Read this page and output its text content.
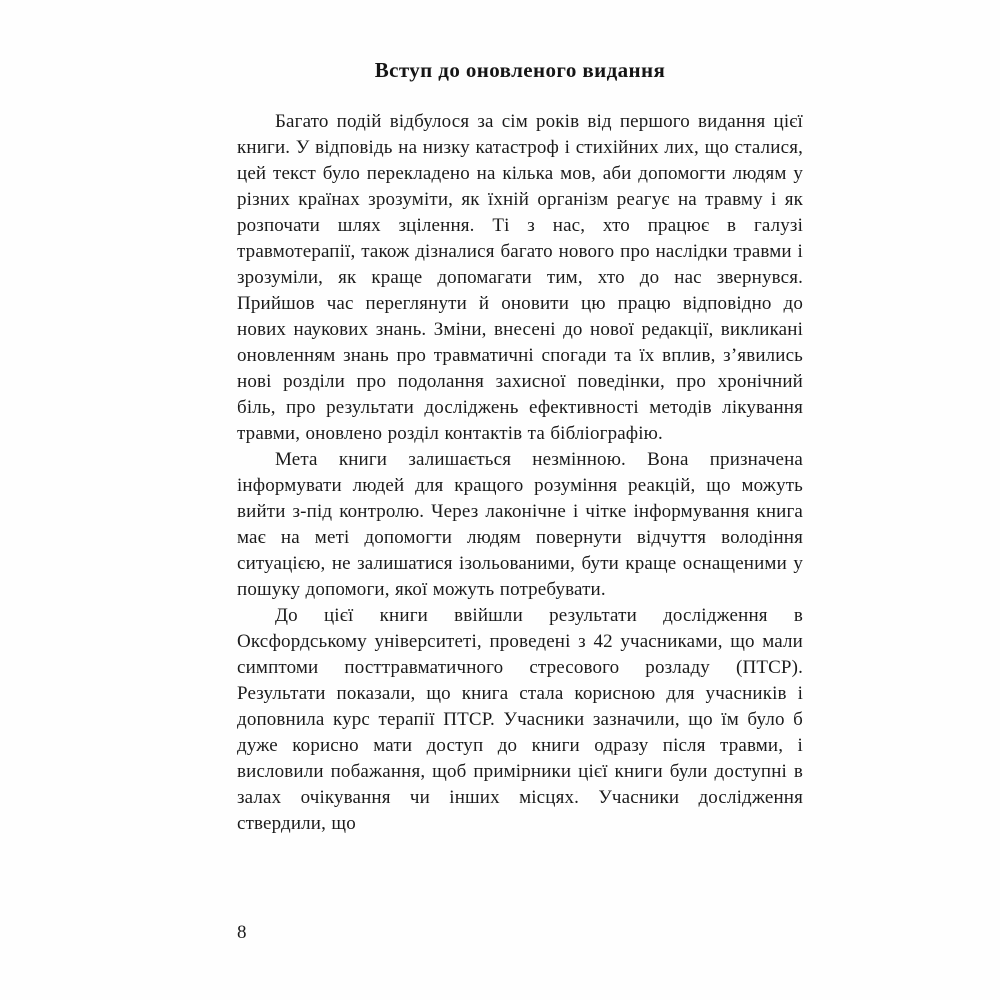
Вступ до оновленого видання

Багато подій відбулося за сім років від першого видання цієї книги. У відповідь на низку катастроф і стихійних лих, що сталися, цей текст було перекладено на кілька мов, аби допомогти людям у різних країнах зрозуміти, як їхній організм реагує на травму і як розпочати шлях зцілення. Ті з нас, хто працює в галузі травмотерапії, також дізналися багато нового про наслідки травми і зрозуміли, як краще допомагати тим, хто до нас звернувся. Прийшов час переглянути й оновити цю працю відповідно до нових наукових знань. Зміни, внесені до нової редакції, викликані оновленням знань про травматичні спогади та їх вплив, з’явились нові розділи про подолання захисної поведінки, про хронічний біль, про результати досліджень ефективності методів лікування травми, оновлено розділ контактів та бібліографію.

Мета книги залишається незмінною. Вона призначена інформувати людей для кращого розуміння реакцій, що можуть вийти з-під контролю. Через лаконічне і чітке інформування книга має на меті допомогти людям повернути відчуття володіння ситуацією, не залишатися ізольованими, бути краще оснащеними у пошуку допомоги, якої можуть потребувати.

До цієї книги ввійшли результати дослідження в Оксфордському університеті, проведені з 42 учасниками, що мали симптоми посттравматичного стресового розладу (ПТСР). Результати показали, що книга стала корисною для учасників і доповнила курс терапії ПТСР. Учасники зазначили, що їм було б дуже корисно мати доступ до книги одразу після травми, і висловили побажання, щоб примірники цієї книги були доступні в залах очікування чи інших місцях. Учасники дослідження ствердили, що

8
